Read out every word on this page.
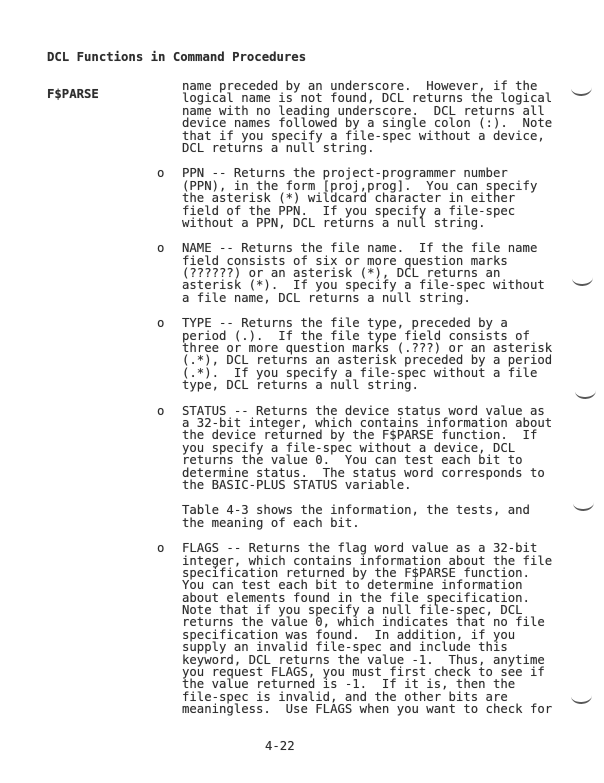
DCL Functions in Command Procedures

F$PARSE

name preceded by an underscore.  However, if the
logical name is not found, DCL returns the logical
name with no leading underscore.  DCL returns all
device names followed by a single colon (:).  Note
that if you specify a file-spec without a device,
DCL returns a null string.
o PPN -- Returns the project-programmer number
(PPN), in the form [proj,prog].  You can specify
the asterisk (*) wildcard character in either
field of the PPN.  If you specify a file-spec
without a PPN, DCL returns a null string.
o NAME -- Returns the file name.  If the file name
field consists of six or more question marks
(??????) or an asterisk (*), DCL returns an
asterisk (*).  If you specify a file-spec without
a file name, DCL returns a null string.
o TYPE -- Returns the file type, preceded by a
period (.).  If the file type field consists of
three or more question marks (.???) or an asterisk
(.*), DCL returns an asterisk preceded by a period
(.*).  If you specify a file-spec without a file
type, DCL returns a null string.
o STATUS -- Returns the device status word value as
a 32-bit integer, which contains information about
the device returned by the F$PARSE function.  If
you specify a file-spec without a device, DCL
returns the value 0.  You can test each bit to
determine status.  The status word corresponds to
the BASIC-PLUS STATUS variable.
Table 4-3 shows the information, the tests, and
the meaning of each bit.
o FLAGS -- Returns the flag word value as a 32-bit
integer, which contains information about the file
specification returned by the F$PARSE function.
You can test each bit to determine information
about elements found in the file specification.
Note that if you specify a null file-spec, DCL
returns the value 0, which indicates that no file
specification was found.  In addition, if you
supply an invalid file-spec and include this
keyword, DCL returns the value -1.  Thus, anytime
you request FLAGS, you must first check to see if
the value returned is -1.  If it is, then the
file-spec is invalid, and the other bits are
meaningless.  Use FLAGS when you want to check for
4-22
